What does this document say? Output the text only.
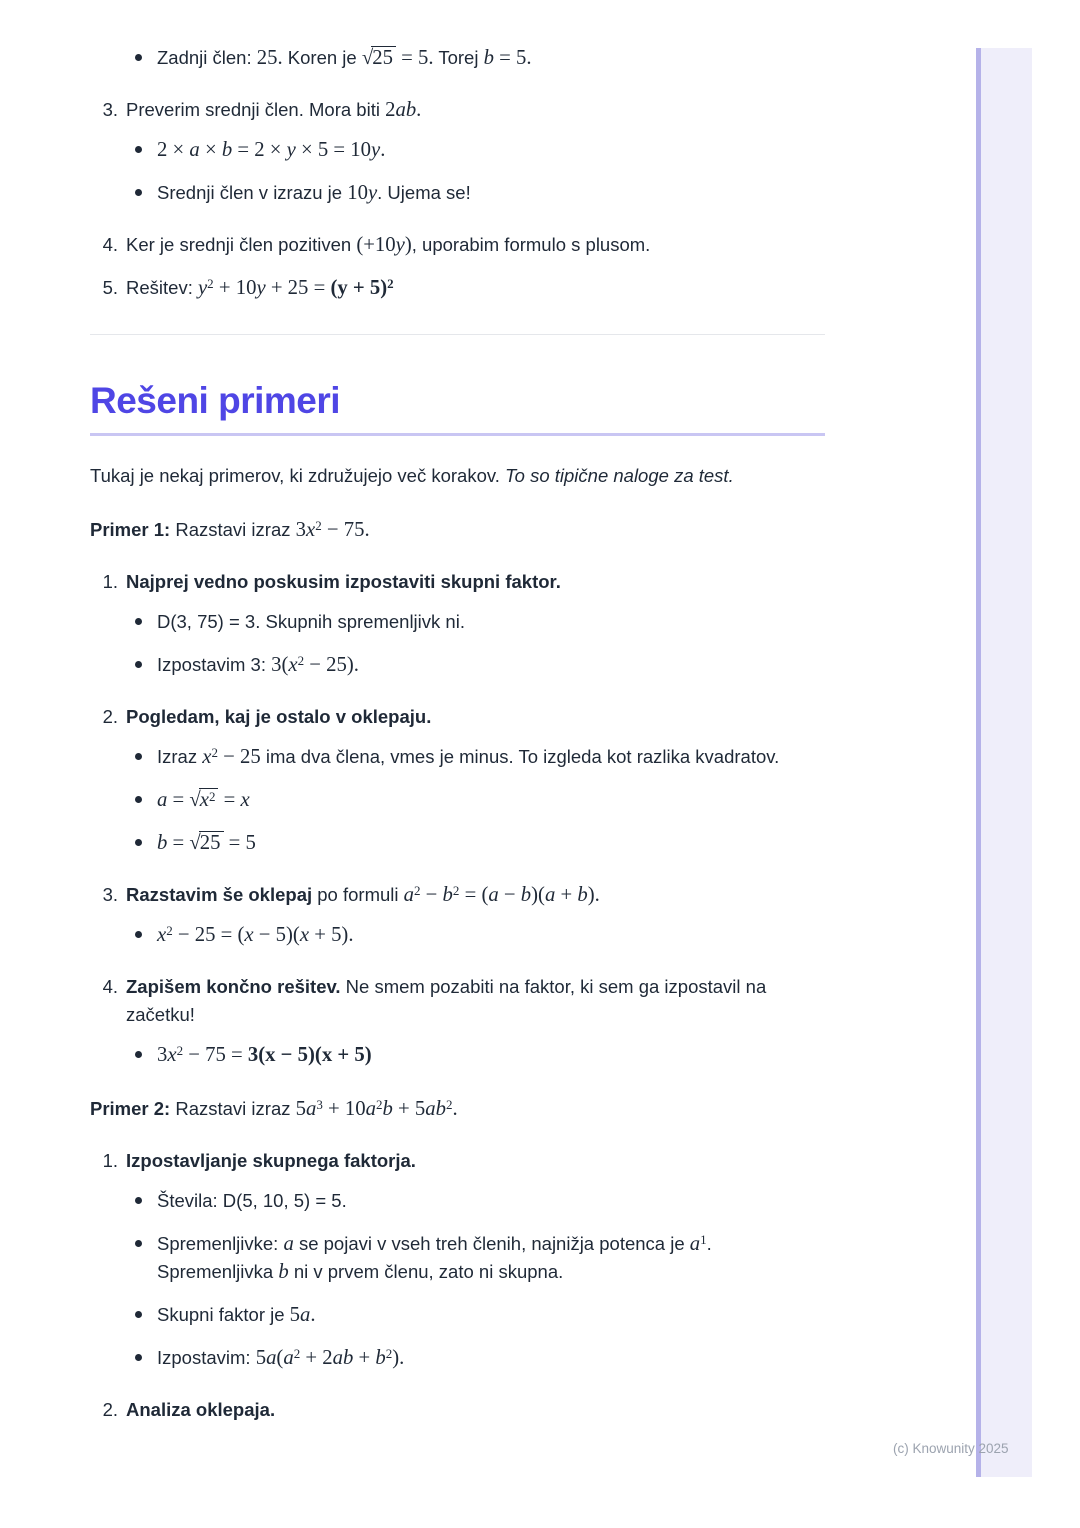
Zadnji člen: 25. Koren je √25 = 5. Torej b = 5.
3. Preverim srednji člen. Mora biti 2ab.
2 × a × b = 2 × y × 5 = 10y.
Srednji člen v izrazu je 10y. Ujema se!
4. Ker je srednji člen pozitiven (+10y), uporabim formulo s plusom.
5. Rešitev: $y^2 + 10y + 25 = (y + 5)^2$
Rešeni primeri
Tukaj je nekaj primerov, ki združujejo več korakov. To so tipične naloge za test.
Primer 1: Razstavi izraz $3x^2 - 75$.
1. Najprej vedno poskusim izpostaviti skupni faktor.
D(3, 75) = 3. Skupnih spremenljivk ni.
Izpostavim 3: $3(x^2 - 25)$.
2. Pogledam, kaj je ostalo v oklepaju.
Izraz $x^2 - 25$ ima dva člena, vmes je minus. To izgleda kot razlika kvadratov.
$a = √x^2 = x$
b = √25 = 5
3. Razstavim še oklepaj po formuli $a^2 - b^2 = (a - b)(a + b)$.
$x^2 - 25 = (x - 5)(x + 5)$.
4. Zapišem končno rešitev. Ne smem pozabiti na faktor, ki sem ga izpostavil na začetku!
$3x^2 - 75 = 3(x - 5)(x + 5)$
Primer 2: Razstavi izraz $5a^3 + 10a^2b + 5ab^2$.
1. Izpostavljanje skupnega faktorja.
Števila: D(5, 10, 5) = 5.
Spremenljivke: a se pojavi v vseh treh členih, najnižja potenca je $a^1$. Spremenljivka b ni v prvem členu, zato ni skupna.
Skupni faktor je 5a.
Izpostavim: $5a(a^2 + 2ab + b^2)$.
2. Analiza oklepaja.
(c) Knowunity 2025
